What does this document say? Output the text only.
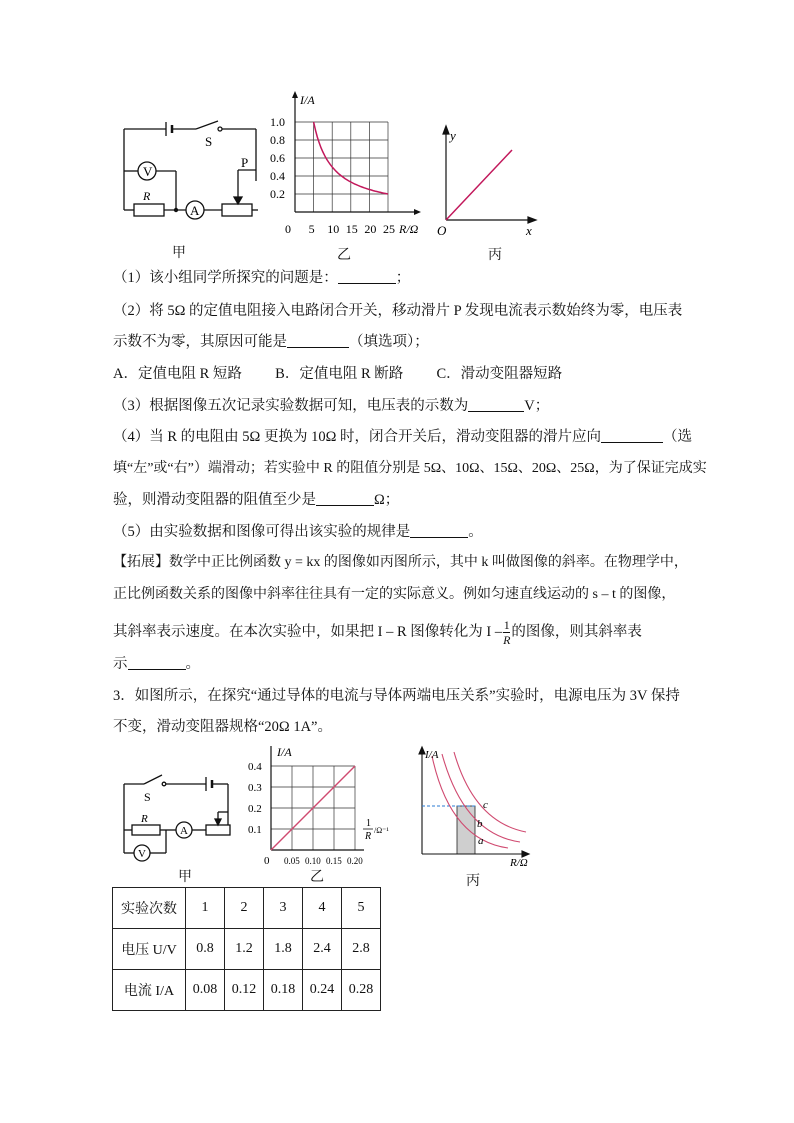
V
A
S
R
P
甲
1.0
0.8
0.6
0.4
0.2
0 5 10 15 20 25
I/A
R/Ω
乙
y
x
O
丙
（1）该小组同学所探究的问题是：	；
（2）将 5Ω 的定值电阻接入电路闭合开关，移动滑片 P 发现电流表示数始终为零，电压表
示数不为零，其原因可能是	（填选项）；
A．定值电阻 R 短路 B．定值电阻 R 断路 C．滑动变阻器短路
（3）根据图像五次记录实验数据可知，电压表的示数为	V；
（4）当 R 的电阻由 5Ω 更换为 10Ω 时，闭合开关后，滑动变阻器的滑片应向	（选
填“左”或“右”）端滑动；若实验中 R 的阻值分别是 5Ω、10Ω、15Ω、20Ω、25Ω，为了保证完成实
验，则滑动变阻器的阻值至少是	Ω；
（5）由实验数据和图像可得出该实验的规律是	。
【拓展】数学中正比例函数 y = kx 的图像如丙图所示，其中 k 叫做图像的斜率。在物理学中，
正比例函数关系的图像中斜率往往具有一定的实际意义。例如匀速直线运动的 s – t 的图像，
其斜率表示速度。在本次实验中，如果把 I – R 图像转化为 I – $\frac{1}{R}$ 的图像，则其斜率表
示	。
3．如图所示，在探究“通过导体的电流与导体两端电压关系”实验时，电源电压为 3V 保持
不变，滑动变阻器规格“20Ω 1A”。
S
R
A
V
甲
0.4
0.3
0.2
0.1
0 0.05 0.10 0.15 0.20
I/A
1
R
/Ω⁻¹
乙
I/A
R/Ω
c
b
a
丙
实验次数	1	2	3	4	5
电压 U/V	0.8	1.2	1.8	2.4	2.8
电流 I/A	0.08	0.12	0.18	0.24	0.28
